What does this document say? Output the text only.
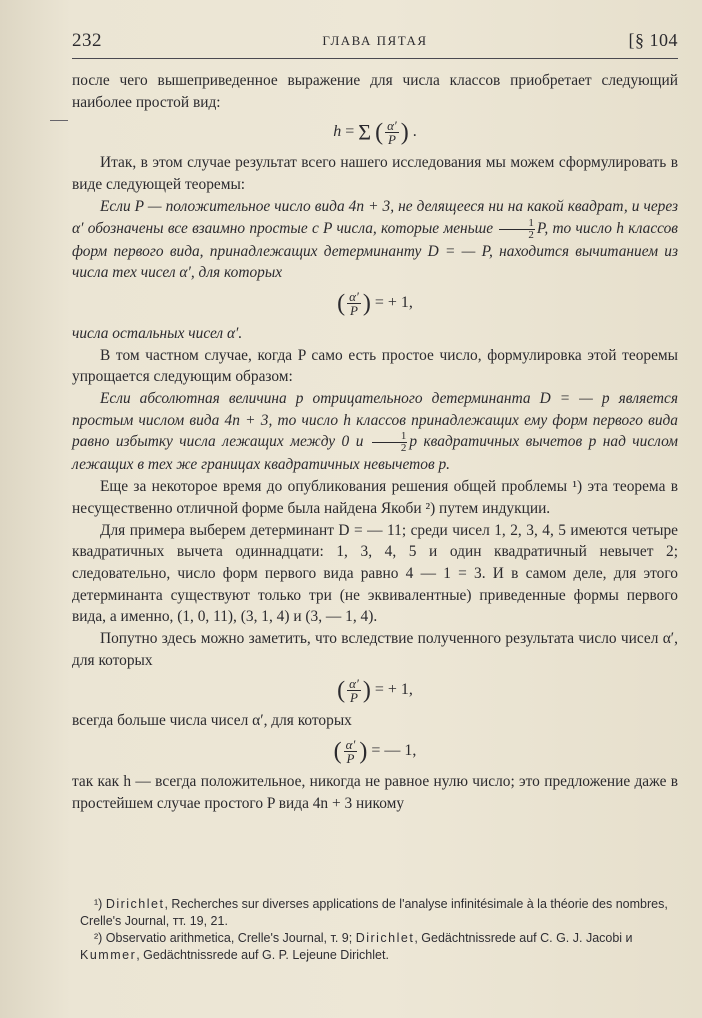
232	ГЛАВА ПЯТАЯ	[§ 104
после чего вышеприведенное выражение для числа классов приобретает следующий наиболее простой вид:
h = Σ ( $\frac{\alpha'}{P}$ ) .
Итак, в этом случае результат всего нашего исследования мы можем сформулировать в виде следующей теоремы:
Если P — положительное число вида 4n + 3, не делящееся ни на какой квадрат, и через α′ обозначены все взаимно простые с P числа, которые меньше $\frac{1}{2} P$, то число h классов форм первого вида, принадлежащих детерминанту D = — P, находится вычитанием из числа тех чисел α′, для которых
( $\frac{\alpha'}{P}$ ) = + 1,
числа остальных чисел α′.
В том частном случае, когда P само есть простое число, формулировка этой теоремы упрощается следующим образом:
Если абсолютная величина p отрицательного детерминанта D = — p является простым числом вида 4n + 3, то число h классов принадлежащих ему форм первого вида равно избытку числа лежащих между 0 и $\frac{1}{2}$ p квадратичных вычетов p над числом лежащих в тех же границах квадратичных невычетов p.
Еще за некоторое время до опубликования решения общей проблемы ¹) эта теорема в несущественно отличной форме была найдена Якоби ²) путем индукции.
Для примера выберем детерминант D = — 11; среди чисел 1, 2, 3, 4, 5 имеются четыре квадратичных вычета одиннадцати: 1, 3, 4, 5 и один квадратичный невычет 2; следовательно, число форм первого вида равно 4 — 1 = 3. И в самом деле, для этого детерминанта существуют только три (не эквивалентные) приведенные формы первого вида, а именно, (1, 0, 11), (3, 1, 4) и (3, — 1, 4).
Попутно здесь можно заметить, что вследствие полученного результата число чисел α′, для которых
( $\frac{\alpha'}{P}$ ) = + 1,
всегда больше числа чисел α′, для которых
( $\frac{\alpha'}{P}$ ) = — 1,
так как h — всегда положительное, никогда не равное нулю число; это предложение даже в простейшем случае простого P вида 4n + 3 никому
¹) Dirichlet, Recherches sur diverses applications de l'analyse infinitésimale à la théorie des nombres, Crelle's Journal, тт. 19, 21.
²) Observatio arithmetica, Crelle's Journal, т. 9; Dirichlet, Gedächtnissrede auf C. G. J. Jacobi и Kummer, Gedächtnissrede auf G. P. Lejeune Dirichlet.
